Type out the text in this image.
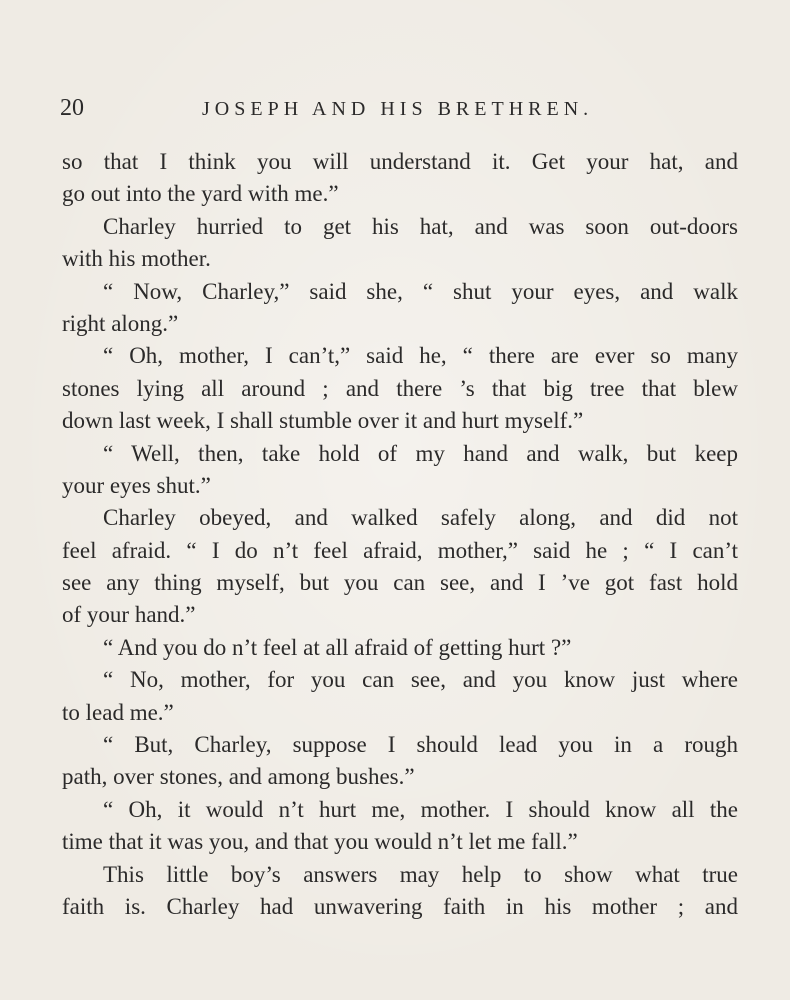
20	JOSEPH AND HIS BRETHREN.
so that I think you will understand it. Get your hat, and
go out into the yard with me.”
Charley hurried to get his hat, and was soon out-doors
with his mother.
“ Now, Charley,” said she, “ shut your eyes, and walk
right along.”
“ Oh, mother, I can’t,” said he, “ there are ever so many
stones lying all around ; and there ’s that big tree that blew
down last week, I shall stumble over it and hurt myself.”
“ Well, then, take hold of my hand and walk, but keep
your eyes shut.”
Charley obeyed, and walked safely along, and did not
feel afraid. “ I do n’t feel afraid, mother,” said he ; “ I can’t
see any thing myself, but you can see, and I ’ve got fast hold
of your hand.”
“ And you do n’t feel at all afraid of getting hurt ?”
“ No, mother, for you can see, and you know just where
to lead me.”
“ But, Charley, suppose I should lead you in a rough
path, over stones, and among bushes.”
“ Oh, it would n’t hurt me, mother. I should know all the
time that it was you, and that you would n’t let me fall.”
This little boy’s answers may help to show what true
faith is. Charley had unwavering faith in his mother ; and
